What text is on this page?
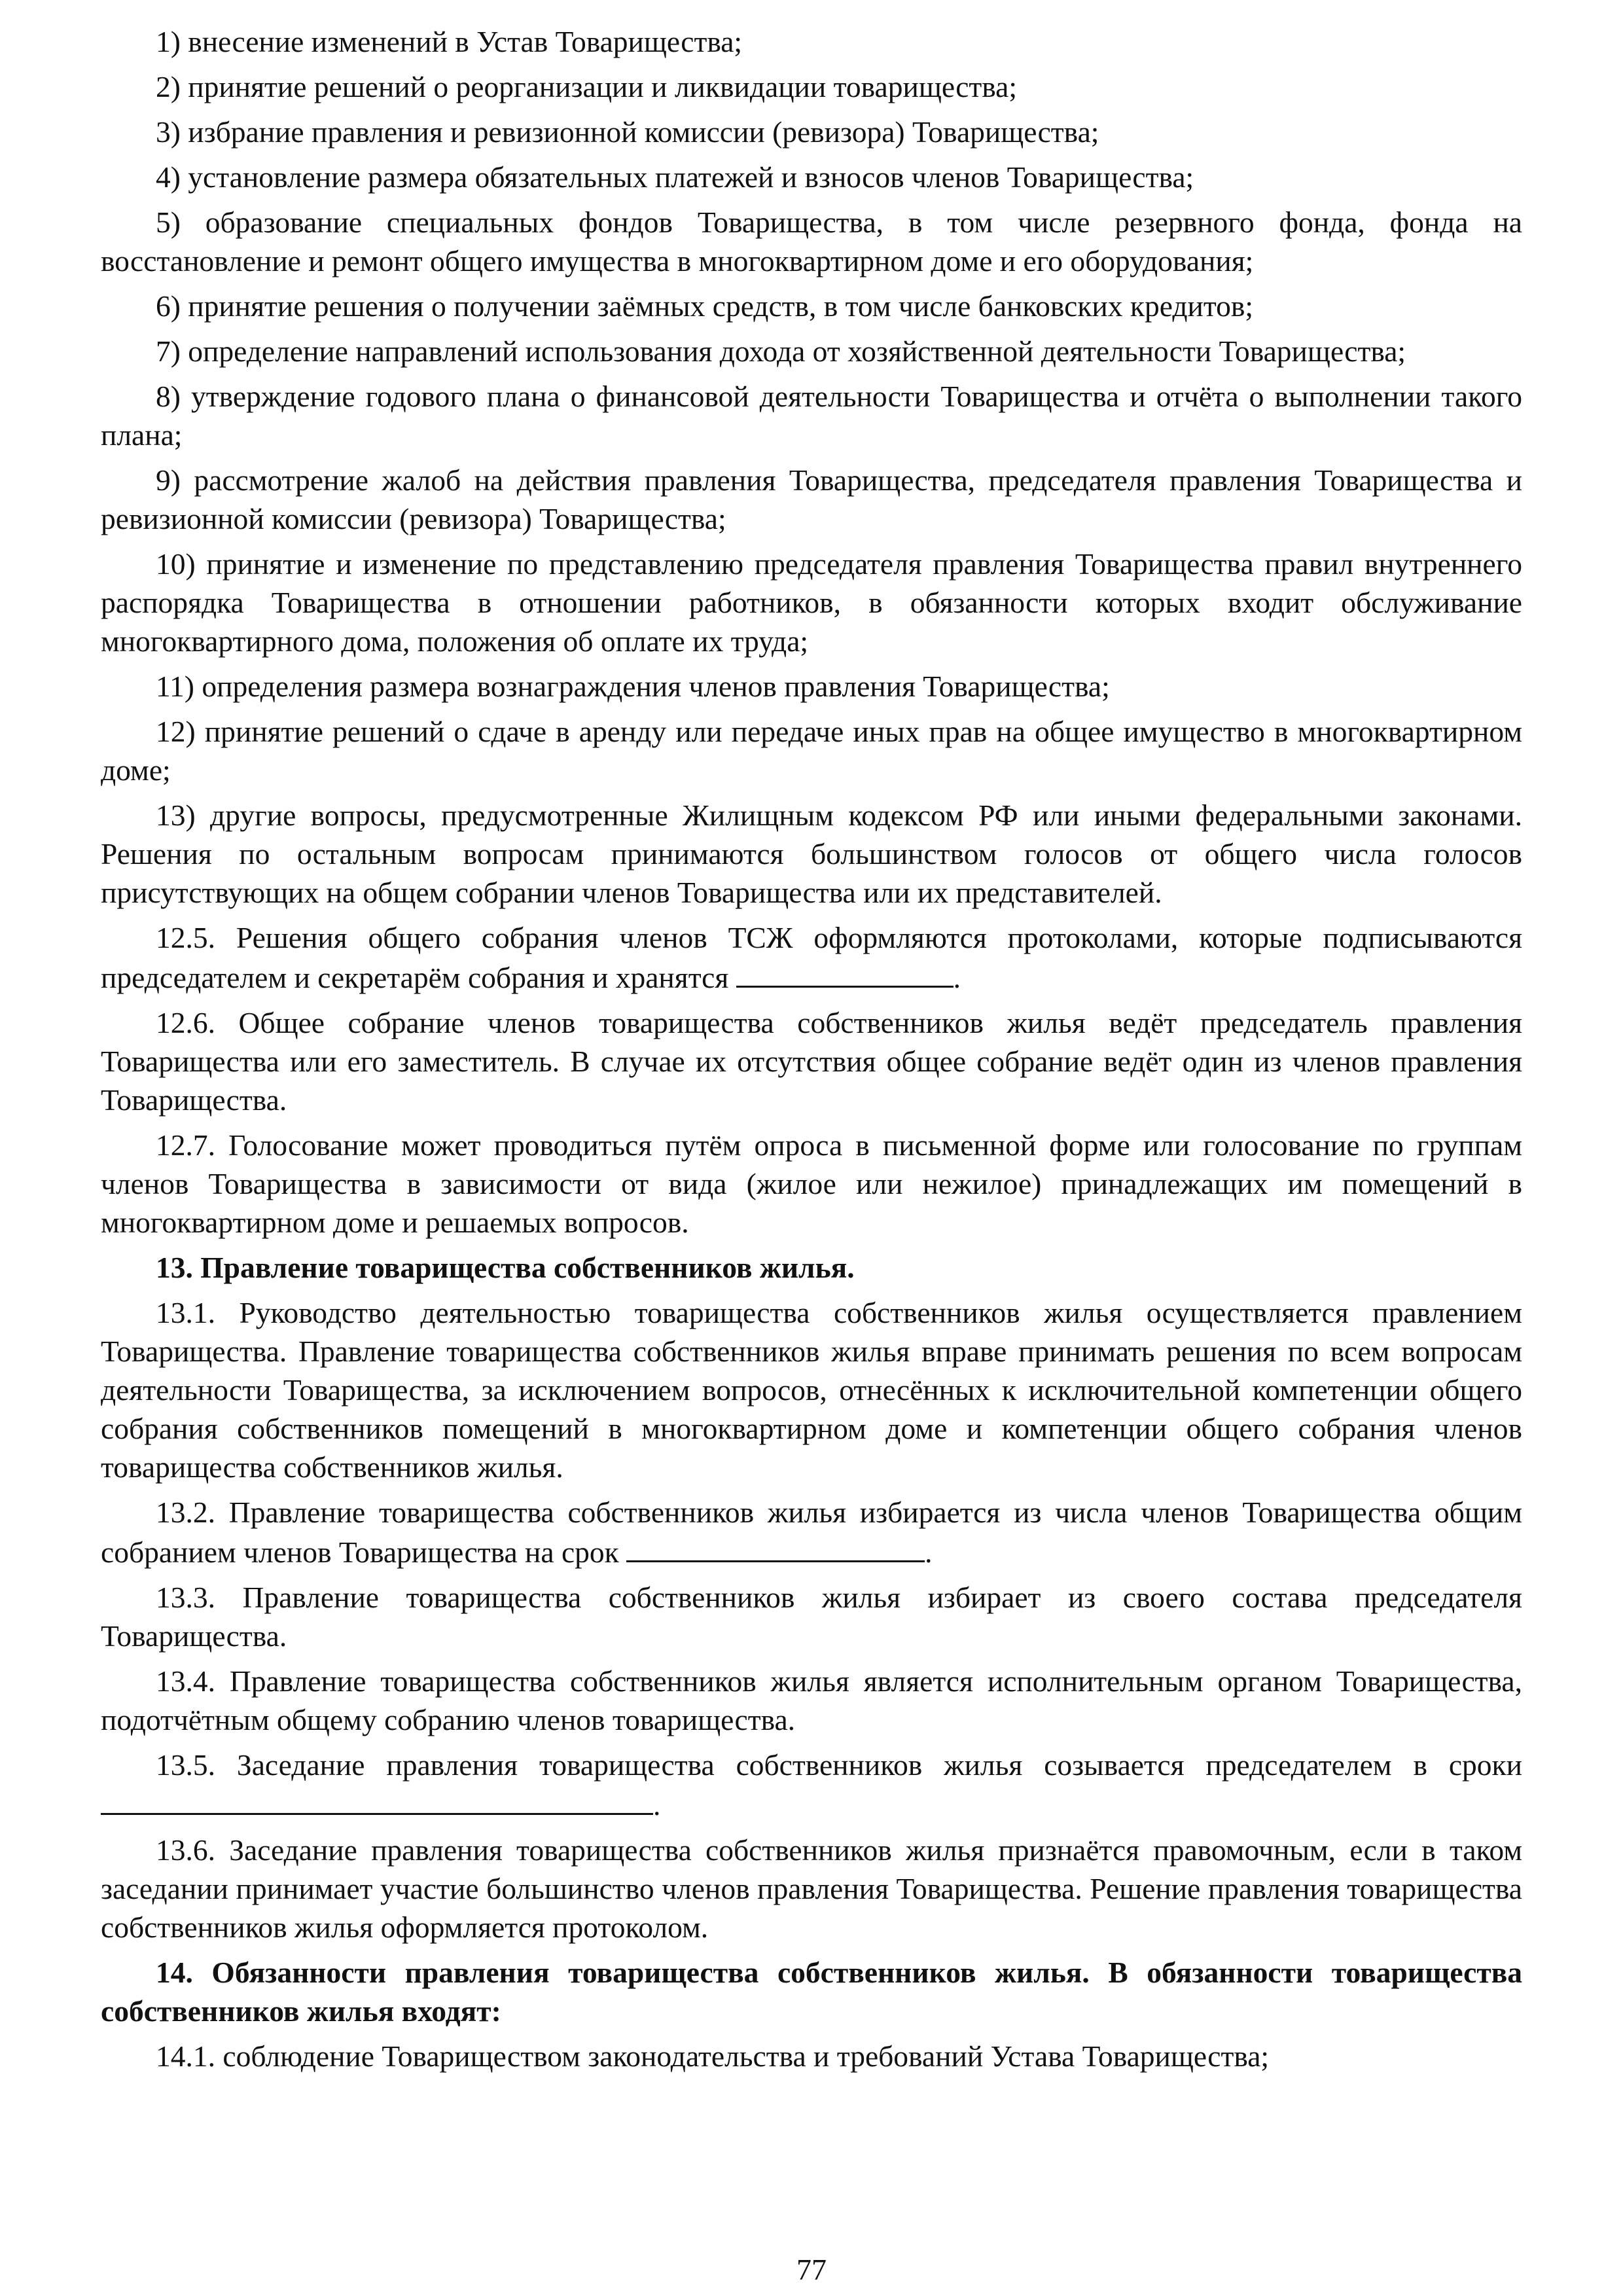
1) внесение изменений в Устав Товарищества;

2) принятие решений о реорганизации и ликвидации товарищества;

3) избрание правления и ревизионной комиссии (ревизора) Товарищества;

4) установление размера обязательных платежей и взносов членов Товарищества;

5) образование специальных фондов Товарищества, в том числе резервного фонда, фонда на восстановление и ремонт общего имущества в многоквартирном доме и его оборудования;

6) принятие решения о получении заёмных средств, в том числе банковских кредитов;

7) определение направлений использования дохода от хозяйственной деятельности Товарищества;

8) утверждение годового плана о финансовой деятельности Товарищества и отчёта о выполнении такого плана;

9) рассмотрение жалоб на действия правления Товарищества, председателя правления Товарищества и ревизионной комиссии (ревизора) Товарищества;

10) принятие и изменение по представлению председателя правления Товарищества правил внутреннего распорядка Товарищества в отношении работников, в обязанности которых входит обслуживание многоквартирного дома, положения об оплате их труда;

11) определения размера вознаграждения членов правления Товарищества;

12) принятие решений о сдаче в аренду или передаче иных прав на общее имущество в многоквартирном доме;

13) другие вопросы, предусмотренные Жилищным кодексом РФ или иными федеральными законами. Решения по остальным вопросам принимаются большинством голосов от общего числа голосов присутствующих на общем собрании членов Товарищества или их представителей.

12.5. Решения общего собрания членов ТСЖ оформляются протоколами, которые подписываются председателем и секретарём собрания и хранятся	.

12.6. Общее собрание членов товарищества собственников жилья ведёт председатель правления Товарищества или его заместитель. В случае их отсутствия общее собрание ведёт один из членов правления Товарищества.

12.7. Голосование может проводиться путём опроса в письменной форме или голосование по группам членов Товарищества в зависимости от вида (жилое или нежилое) принадлежащих им помещений в многоквартирном доме и решаемых вопросов.

13. Правление товарищества собственников жилья.

13.1. Руководство деятельностью товарищества собственников жилья осуществляется правлением Товарищества. Правление товарищества собственников жилья вправе принимать решения по всем вопросам деятельности Товарищества, за исключением вопросов, отнесённых к исключительной компетенции общего собрания собственников помещений в многоквартирном доме и компетенции общего собрания членов товарищества собственников жилья.

13.2. Правление товарищества собственников жилья избирается из числа членов Товарищества общим собранием членов Товарищества на срок	.

13.3. Правление товарищества собственников жилья избирает из своего состава председателя Товарищества.

13.4. Правление товарищества собственников жилья является исполнительным органом Товарищества, подотчётным общему собранию членов товарищества.

13.5. Заседание правления товарищества собственников жилья созывается председателем в сроки .

13.6. Заседание правления товарищества собственников жилья признаётся правомочным, если в таком заседании принимает участие большинство членов правления Товарищества. Решение правления товарищества собственников жилья оформляется протоколом.

14. Обязанности правления товарищества собственников жилья. В обязанности товарищества собственников жилья входят:

14.1. соблюдение Товариществом законодательства и требований Устава Товарищества;

77
